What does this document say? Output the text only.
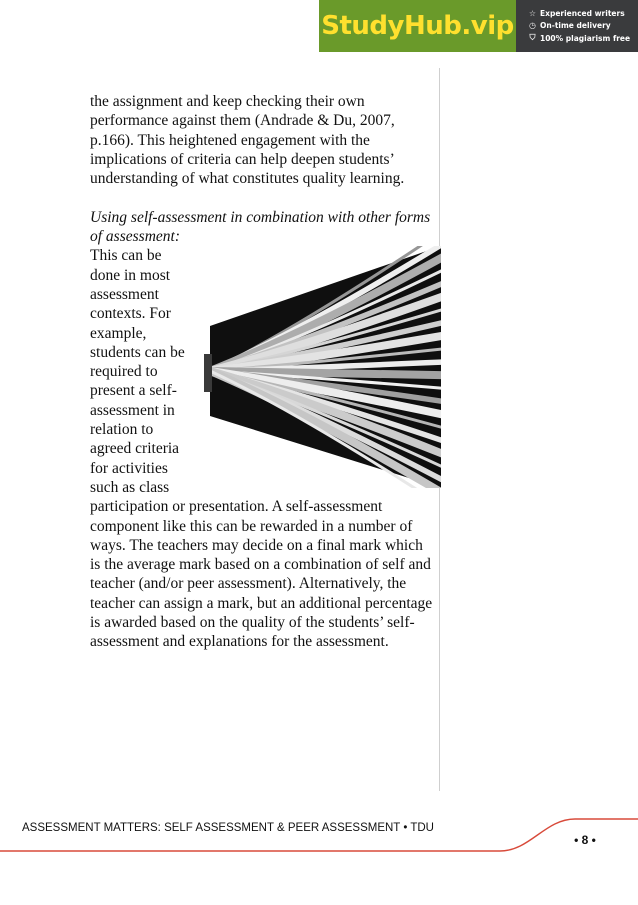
StudyHub.vip ☆ Experienced writers
◷ On-time delivery
⛉ 100% plagiarism free

the assignment and keep checking their own performance against them (Andrade & Du, 2007, p.166). This heightened engagement with the implications of criteria can help deepen students’ understanding of what constitutes quality learning.

Using self-assessment in combination with other forms of assessment:

This can be done in most assessment contexts. For example, students can be required to present a self-assessment in relation to agreed criteria for activities such as class participation or presentation. A self-assessment component like this can be rewarded in a number of ways. The teachers may decide on a final mark which is the average mark based on a combination of self and teacher (and/or peer assessment). Alternatively, the teacher can assign a mark, but an additional percentage is awarded based on the quality of the students’ self-assessment and explanations for the assessment.

ASSESSMENT MATTERS: SELF ASSESSMENT & PEER ASSESSMENT • TDU
• 8 •
